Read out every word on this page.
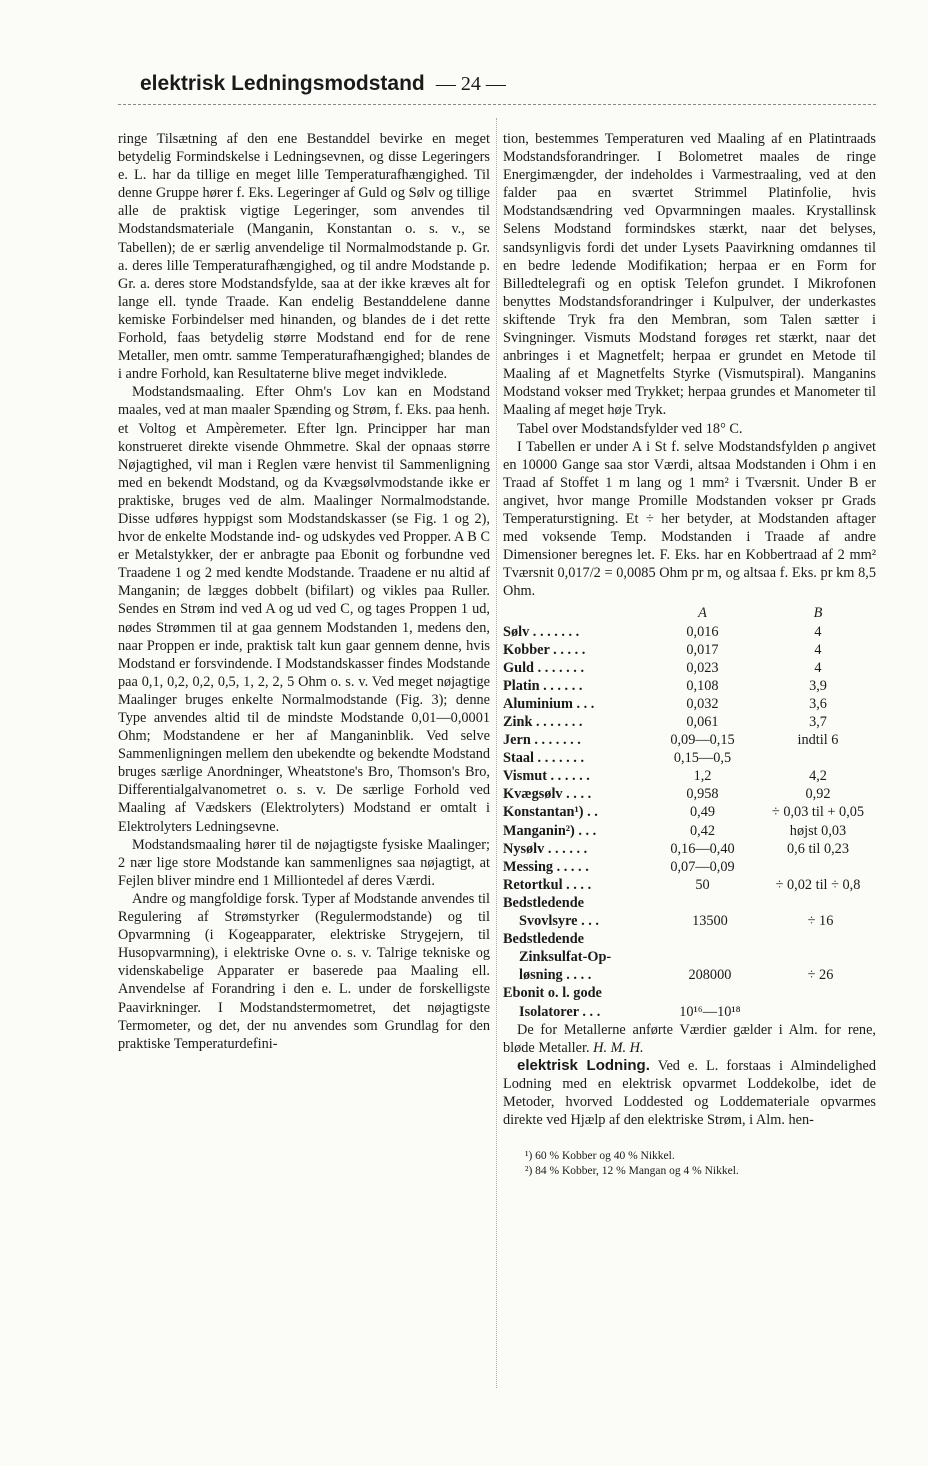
elektrisk Ledningsmodstand — 24 —

ringe Tilsætning af den ene Bestanddel bevirke en meget betydelig Formindskelse i Ledningsevnen, og disse Legeringers e. L. har da tillige en meget lille Temperaturafhængighed. Til denne Gruppe hører f. Eks. Legeringer af Guld og Sølv og tillige alle de praktisk vigtige Legeringer, som anvendes til Modstandsmateriale (Manganin, Konstantan o. s. v., se Tabellen); de er særlig anvendelige til Normalmodstande p. Gr. a. deres lille Temperaturafhængighed, og til andre Modstande p. Gr. a. deres store Modstandsfylde, saa at der ikke kræves alt for lange ell. tynde Traade. Kan endelig Bestanddelene danne kemiske Forbindelser med hinanden, og blandes de i det rette Forhold, faas betydelig større Modstand end for de rene Metaller, men omtr. samme Temperaturafhængighed; blandes de i andre Forhold, kan Resultaterne blive meget indviklede.

Modstandsmaaling. Efter Ohm's Lov kan en Modstand maales, ved at man maaler Spænding og Strøm, f. Eks. paa henh. et Voltog et Ampèremeter. Efter lgn. Principper har man konstrueret direkte visende Ohmmetre. Skal der opnaas større Nøjagtighed, vil man i Reglen være henvist til Sammenligning med en bekendt Modstand, og da Kvægsølvmodstande ikke er praktiske, bruges ved de alm. Maalinger Normalmodstande. Disse udføres hyppigst som Modstandskasser (se Fig. 1 og 2), hvor de enkelte Modstande ind- og udskydes ved Propper. A B C er Metalstykker, der er anbragte paa Ebonit og forbundne ved Traadene 1 og 2 med kendte Modstande. Traadene er nu altid af Manganin; de lægges dobbelt (bifilart) og vikles paa Ruller. Sendes en Strøm ind ved A og ud ved C, og tages Proppen 1 ud, nødes Strømmen til at gaa gennem Modstanden 1, medens den, naar Proppen er inde, praktisk talt kun gaar gennem denne, hvis Modstand er forsvindende. I Modstandskasser findes Modstande paa 0,1, 0,2, 0,2, 0,5, 1, 2, 2, 5 Ohm o. s. v. Ved meget nøjagtige Maalinger bruges enkelte Normalmodstande (Fig. 3); denne Type anvendes altid til de mindste Modstande 0,01—0,0001 Ohm; Modstandene er her af Manganinblik. Ved selve Sammenligningen mellem den ubekendte og bekendte Modstand bruges særlige Anordninger, Wheatstone's Bro, Thomson's Bro, Differentialgalvanometret o. s. v. De særlige Forhold ved Maaling af Vædskers (Elektrolyters) Modstand er omtalt i Elektrolyters Ledningsevne.

Modstandsmaaling hører til de nøjagtigste fysiske Maalinger; 2 nær lige store Modstande kan sammenlignes saa nøjagtigt, at Fejlen bliver mindre end 1 Milliontedel af deres Værdi.

Andre og mangfoldige forsk. Typer af Modstande anvendes til Regulering af Strømstyrker (Regulermodstande) og til Opvarmning (i Kogeapparater, elektriske Strygejern, til Husopvarmning), i elektriske Ovne o. s. v. Talrige tekniske og videnskabelige Apparater er baserede paa Maaling ell. Anvendelse af Forandring i den e. L. under de forskelligste Paavirkninger. I Modstandstermometret, det nøjagtigste Termometer, og det, der nu anvendes som Grundlag for den praktiske Temperaturdefini-

tion, bestemmes Temperaturen ved Maaling af en Platintraads Modstandsforandringer. I Bolometret maales de ringe Energimængder, der indeholdes i Varmestraaling, ved at den falder paa en sværtet Strimmel Platinfolie, hvis Modstandsændring ved Opvarmningen maales. Krystallinsk Selens Modstand formindskes stærkt, naar det belyses, sandsynligvis fordi det under Lysets Paavirkning omdannes til en bedre ledende Modifikation; herpaa er en Form for Billedtelegrafi og en optisk Telefon grundet. I Mikrofonen benyttes Modstandsforandringer i Kulpulver, der underkastes skiftende Tryk fra den Membran, som Talen sætter i Svingninger. Vismuts Modstand forøges ret stærkt, naar det anbringes i et Magnetfelt; herpaa er grundet en Metode til Maaling af et Magnetfelts Styrke (Vismutspiral). Manganins Modstand vokser med Trykket; herpaa grundes et Manometer til Maaling af meget høje Tryk.

Tabel over Modstandsfylder ved 18° C.

I Tabellen er under A i St f. selve Modstandsfylden ρ angivet en 10000 Gange saa stor Værdi, altsaa Modstanden i Ohm i en Traad af Stoffet 1 m lang og 1 mm² i Tværsnit. Under B er angivet, hvor mange Promille Modstanden vokser pr Grads Temperaturstigning. Et ÷ her betyder, at Modstanden aftager med voksende Temp. Modstanden i Traade af andre Dimensioner beregnes let. F. Eks. har en Kobbertraad af 2 mm² Tværsnit 0,017/2 = 0,0085 Ohm pr m, og altsaa f. Eks. pr km 8,5 Ohm.

A	B
Sølv . . . . . . .	0,016	4
Kobber . . . . .	0,017	4
Guld . . . . . . .	0,023	4
Platin . . . . . .	0,108	3,9
Aluminium . . .	0,032	3,6
Zink . . . . . . .	0,061	3,7
Jern . . . . . . .	0,09—0,15	indtil 6
Staal . . . . . . .	0,15—0,5
Vismut . . . . . .	1,2	4,2
Kvægsølv . . . .	0,958	0,92
Konstantan¹) . .	0,49	÷ 0,03 til + 0,05
Manganin²) . . .	0,42	højst 0,03
Nysølv . . . . . .	0,16—0,40	0,6 til 0,23
Messing . . . . .	0,07—0,09
Retortkul . . . .	50	÷ 0,02 til ÷ 0,8
Bedstledende
Svovlsyre . . .	13500	÷ 16
Bedstledende
Zinksulfat-Op-
løsning . . . .	208000	÷ 26
Ebonit o. l. gode
Isolatorer . . .	10¹⁶—10¹⁸

De for Metallerne anførte Værdier gælder i Alm. for rene, bløde Metaller. H. M. H.

elektrisk Lodning. Ved e. L. forstaas i Almindelighed Lodning med en elektrisk opvarmet Loddekolbe, idet de Metoder, hvorved Loddested og Loddemateriale opvarmes direkte ved Hjælp af den elektriske Strøm, i Alm. hen-

¹) 60 % Kobber og 40 % Nikkel.
²) 84 % Kobber, 12 % Mangan og 4 % Nikkel.
